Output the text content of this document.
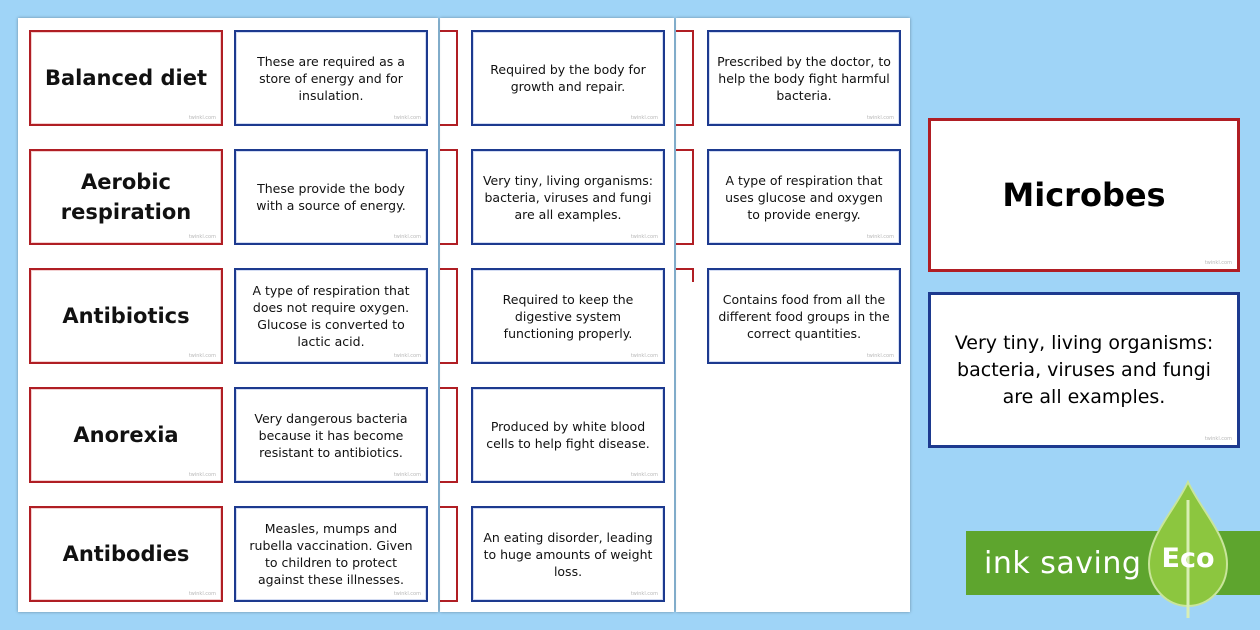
Prescribed by the doctor, to help the body fight harmful bacteria.
twinkl.com
A type of respiration that uses glucose and oxygen to provide energy.
twinkl.com
Contains food from all the different food groups in the correct quantities.
twinkl.com
Required by the body for growth and repair.
twinkl.com
Very tiny, living organisms: bacteria, viruses and fungi are all examples.
twinkl.com
Required to keep the digestive system functioning properly.
twinkl.com
Produced by white blood cells to help fight disease.
twinkl.com
An eating disorder, leading to huge amounts of weight loss.
twinkl.com
Balanced diet
twinkl.com
Aerobic respiration
twinkl.com
Antibiotics
twinkl.com
Anorexia
twinkl.com
Antibodies
twinkl.com
These are required as a store of energy and for insulation.
twinkl.com
These provide the body with a source of energy.
twinkl.com
A type of respiration that does not require oxygen. Glucose is converted to lactic acid.
twinkl.com
Very dangerous bacteria because it has become resistant to antibiotics.
twinkl.com
Measles, mumps and rubella vaccination. Given to children to protect against these illnesses.
twinkl.com
Microbes
twinkl.com
Very tiny, living organisms: bacteria, viruses and fungi are all examples.
twinkl.com
ink saving Eco
